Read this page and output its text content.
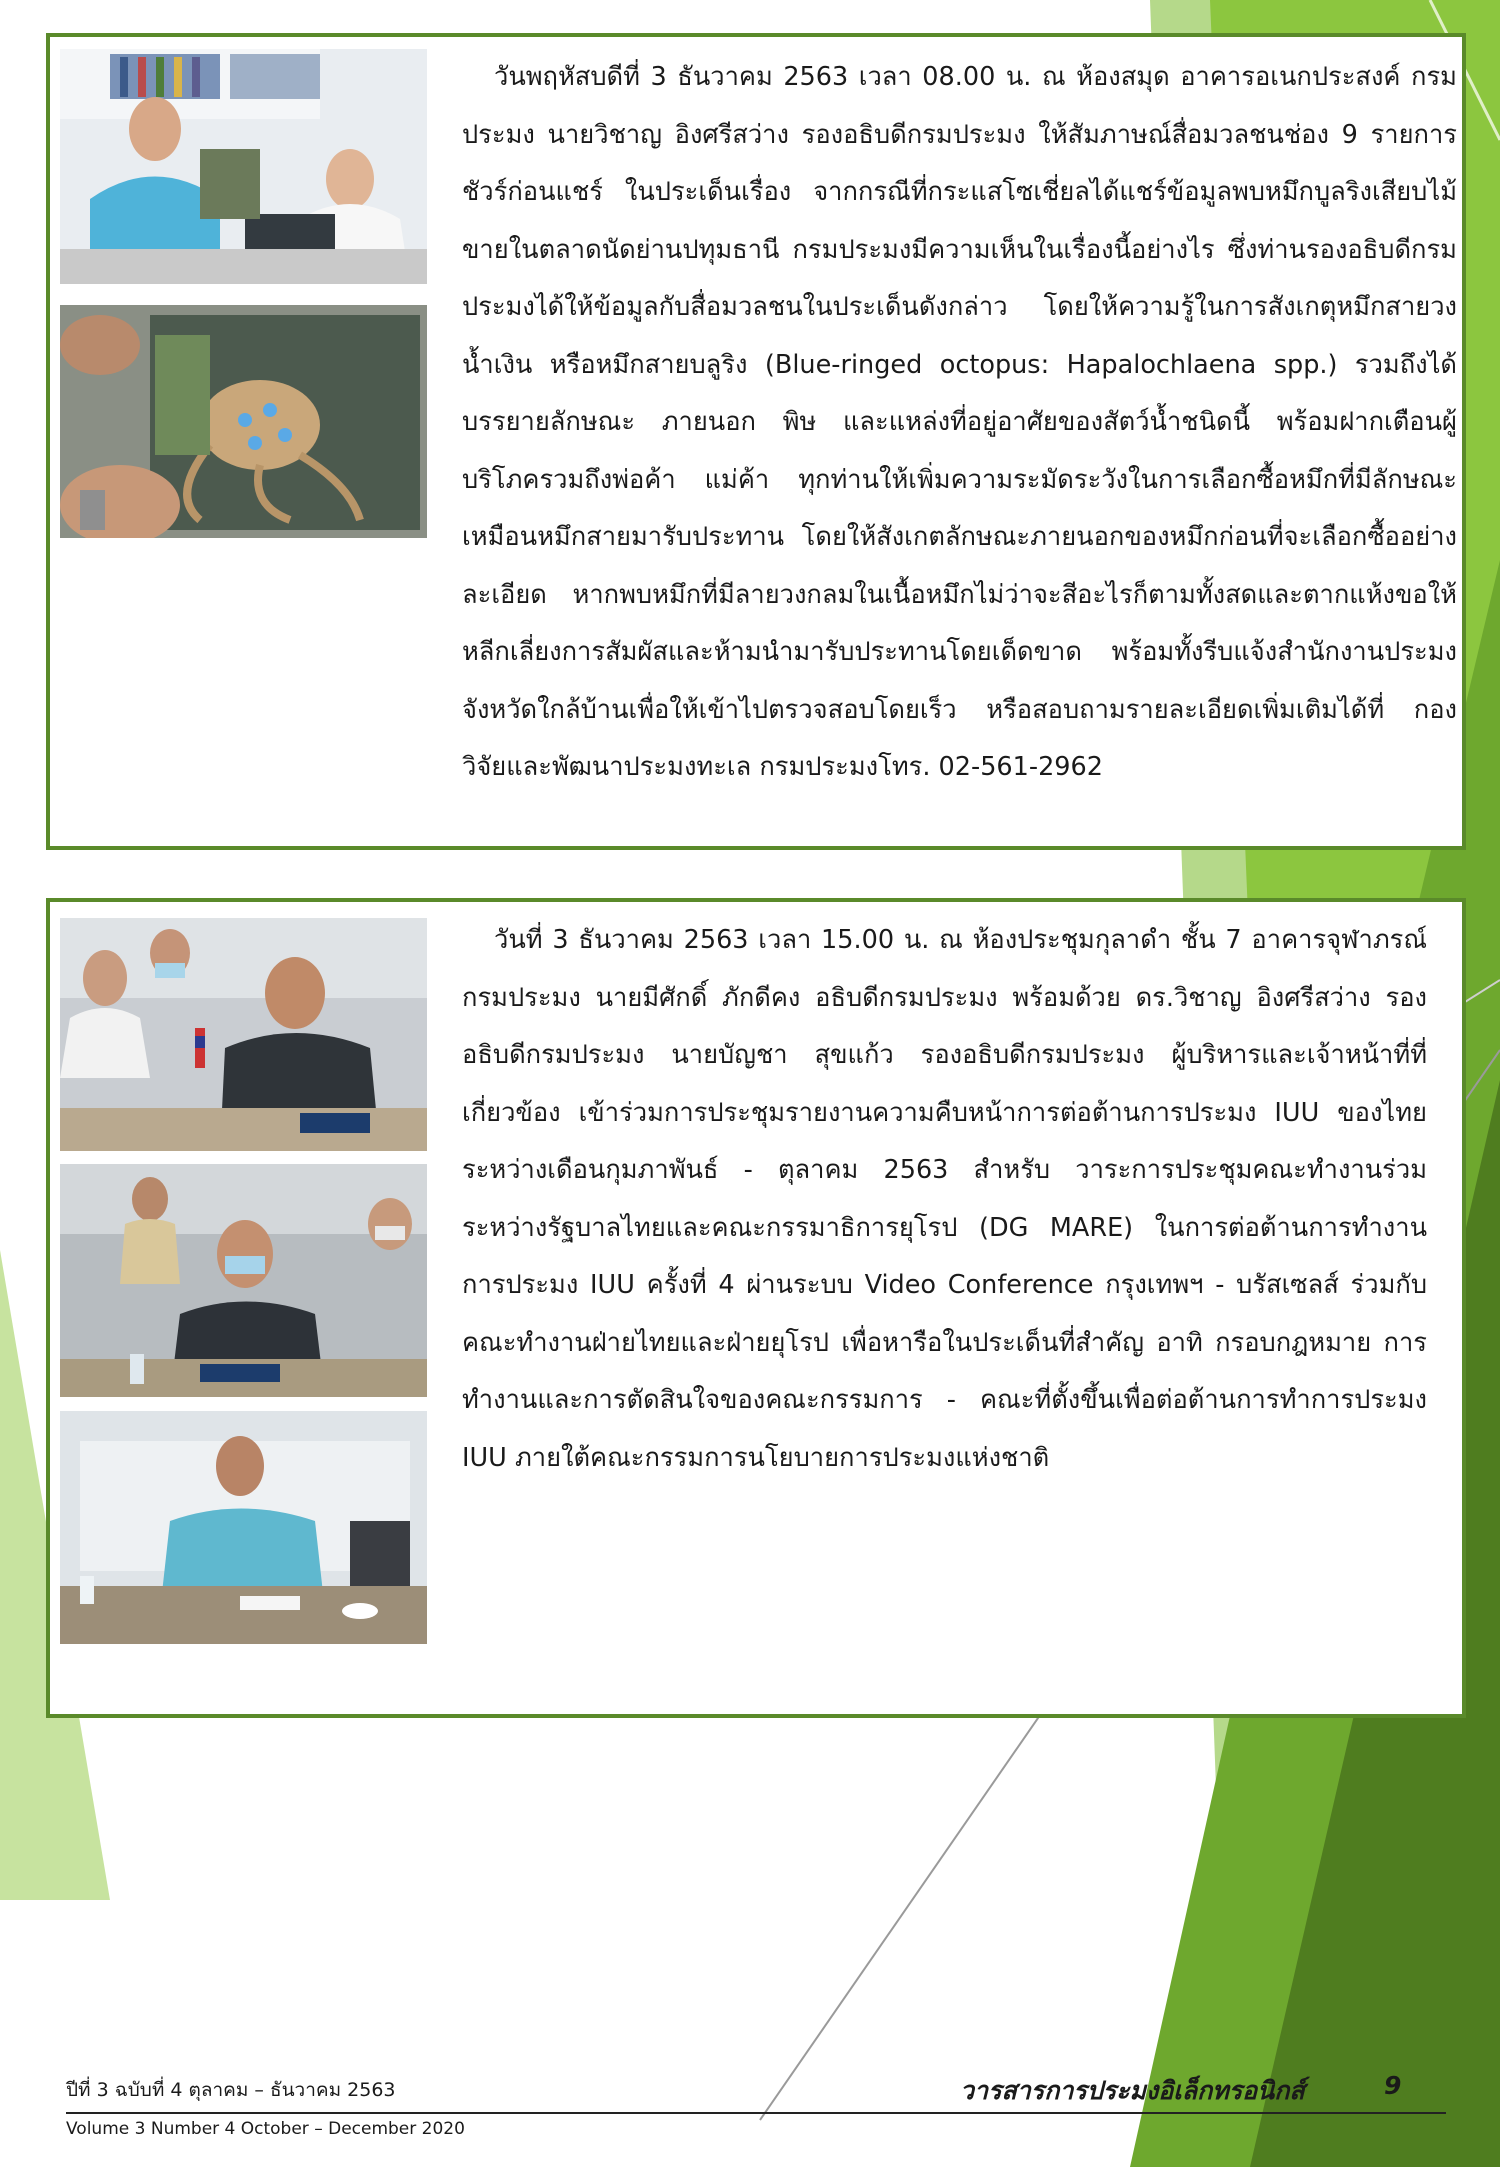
วันพฤหัสบดีที่ 3 ธันวาคม 2563 เวลา 08.00 น. ณ ห้องสมุด อาคารอเนกประสงค์ กรมประมง นายวิชาญ อิงศรีสว่าง รองอธิบดีกรมประมง ให้สัมภาษณ์สื่อมวลชนช่อง 9 รายการชัวร์ก่อนแชร์ ในประเด็นเรื่อง จากกรณีที่กระแสโซเชี่ยลได้แชร์ข้อมูลพบหมึกบูลริงเสียบไม้ขายในตลาดนัดย่านปทุมธานี กรมประมงมีความเห็นในเรื่องนี้อย่างไร ซึ่งท่านรองอธิบดีกรมประมงได้ให้ข้อมูลกับสื่อมวลชนในประเด็นดังกล่าว โดยให้ความรู้ในการสังเกตุหมึกสายวงน้ำเงิน หรือหมึกสายบลูริง (Blue-ringed octopus: Hapalochlaena spp.) รวมถึงได้บรรยายลักษณะ ภายนอก พิษ และแหล่งที่อยู่อาศัยของสัตว์น้ำชนิดนี้ พร้อมฝากเตือนผู้บริโภครวมถึงพ่อค้า แม่ค้า ทุกท่านให้เพิ่มความระมัดระวังในการเลือกซื้อหมึกที่มีลักษณะเหมือนหมึกสายมารับประทาน โดยให้สังเกตลักษณะภายนอกของหมึกก่อนที่จะเลือกซื้ออย่างละเอียด หากพบหมึกที่มีลายวงกลมในเนื้อหมึกไม่ว่าจะสีอะไรก็ตามทั้งสดและตากแห้งขอให้หลีกเลี่ยงการสัมผัสและห้ามนำมารับประทานโดยเด็ดขาด พร้อมทั้งรีบแจ้งสำนักงานประมงจังหวัดใกล้บ้านเพื่อให้เข้าไปตรวจสอบโดยเร็ว หรือสอบถามรายละเอียดเพิ่มเติมได้ที่ กองวิจัยและพัฒนาประมงทะเล กรมประมงโทร. 02-561-2962

วันที่ 3 ธันวาคม 2563 เวลา 15.00 น. ณ ห้องประชุมกุลาดำ ชั้น 7 อาคารจุฬาภรณ์ กรมประมง นายมีศักดิ์ ภักดีคง อธิบดีกรมประมง พร้อมด้วย ดร.วิชาญ อิงศรีสว่าง รองอธิบดีกรมประมง นายบัญชา สุขแก้ว รองอธิบดีกรมประมง ผู้บริหารและเจ้าหน้าที่ที่เกี่ยวข้อง เข้าร่วมการประชุมรายงานความคืบหน้าการต่อต้านการประมง IUU ของไทย ระหว่างเดือนกุมภาพันธ์ - ตุลาคม 2563 สำหรับ วาระการประชุมคณะทำงานร่วมระหว่างรัฐบาลไทยและคณะกรรมาธิการยุโรป (DG MARE) ในการต่อต้านการทำงานการประมง IUU ครั้งที่ 4 ผ่านระบบ Video Conference กรุงเทพฯ - บรัสเซลส์ ร่วมกับคณะทำงานฝ่ายไทยและฝ่ายยุโรป เพื่อหารือในประเด็นที่สำคัญ อาทิ กรอบกฎหมาย การทำงานและการตัดสินใจของคณะกรรมการ - คณะที่ตั้งขึ้นเพื่อต่อต้านการทำการประมง IUU ภายใต้คณะกรรมการนโยบายการประมงแห่งชาติ

ปีที่ 3 ฉบับที่ 4 ตุลาคม – ธันวาคม 2563	วารสารการประมงอิเล็กทรอนิกส์	9
Volume 3 Number 4 October – December 2020
